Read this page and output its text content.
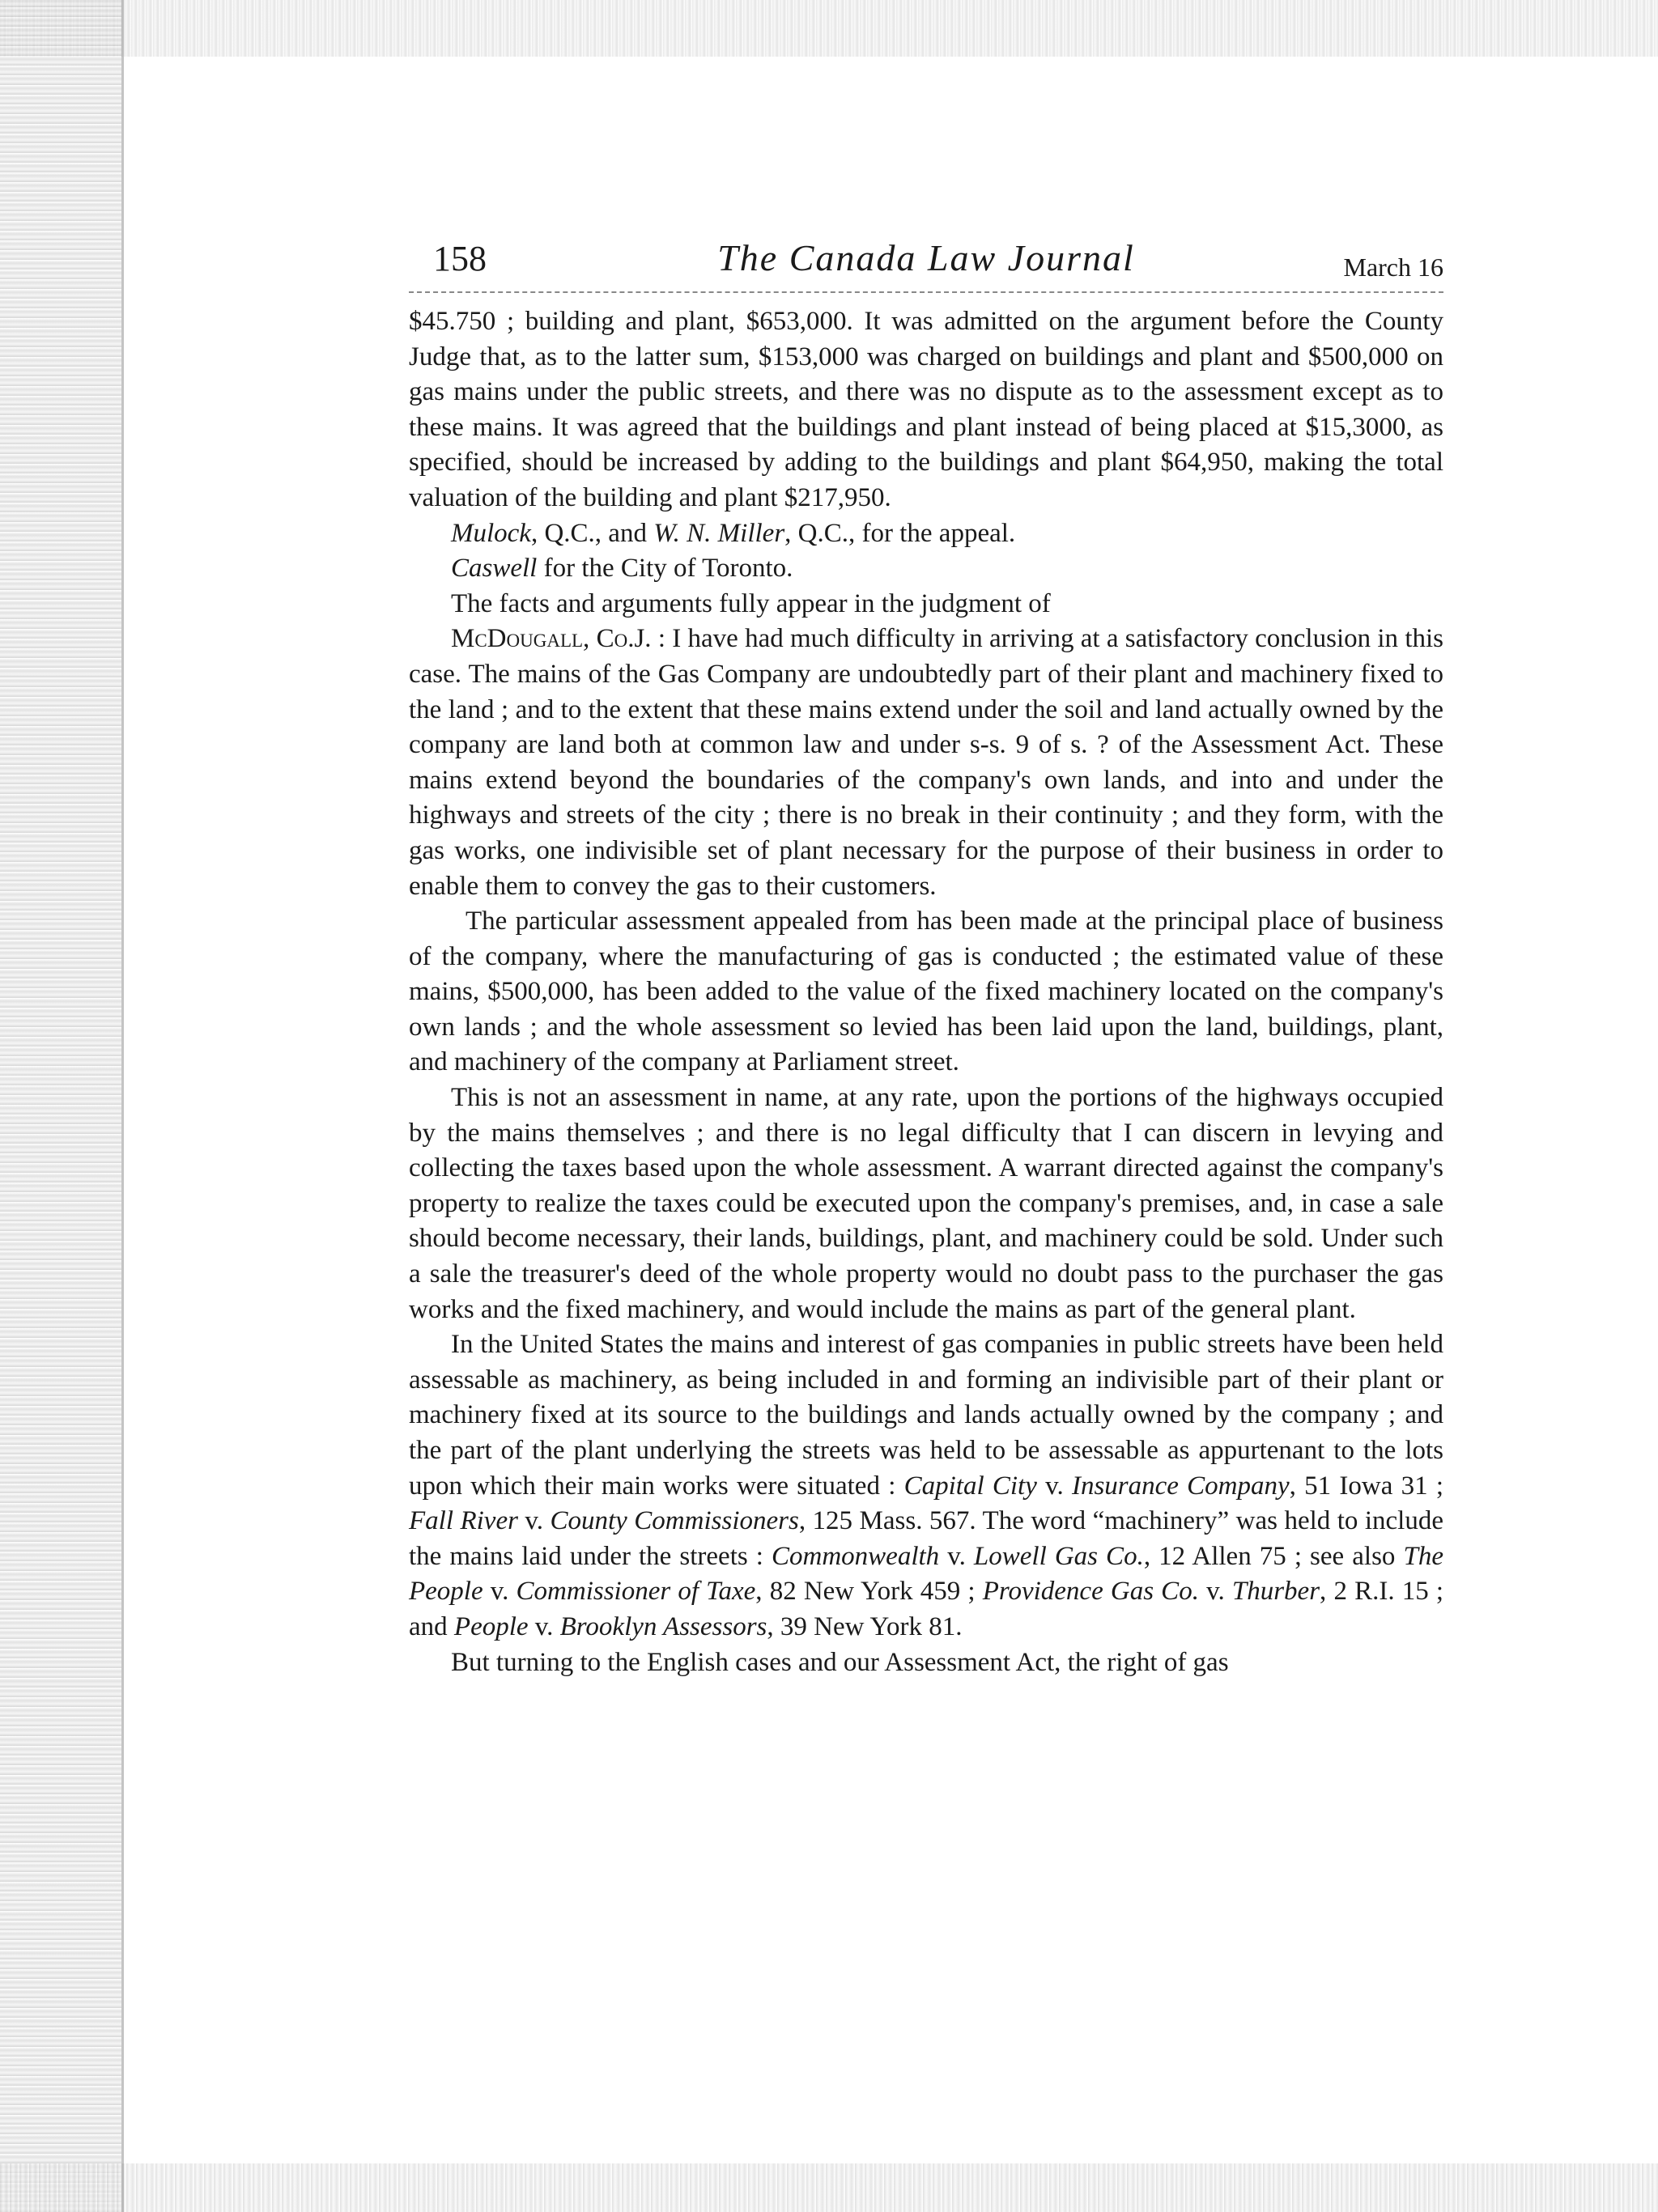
158	The Canada Law Journal	March 16

$45.750 ; building and plant, $653,000. It was admitted on the argument before the County Judge that, as to the latter sum, $153,000 was charged on buildings and plant and $500,000 on gas mains under the public streets, and there was no dispute as to the assessment except as to these mains. It was agreed that the buildings and plant instead of being placed at $15,3000, as specified, should be increased by adding to the buildings and plant $64,950, making the total valuation of the building and plant $217,950.

Mulock, Q.C., and W. N. Miller, Q.C., for the appeal.

Caswell for the City of Toronto.

The facts and arguments fully appear in the judgment of

McDougall, Co.J. : I have had much difficulty in arriving at a satisfactory conclusion in this case. The mains of the Gas Company are undoubtedly part of their plant and machinery fixed to the land ; and to the extent that these mains extend under the soil and land actually owned by the company are land both at common law and under s-s. 9 of s. ? of the Assessment Act. These mains extend beyond the boundaries of the company's own lands, and into and under the highways and streets of the city ; there is no break in their continuity ; and they form, with the gas works, one indivisible set of plant necessary for the purpose of their business in order to enable them to convey the gas to their customers.

The particular assessment appealed from has been made at the principal place of business of the company, where the manufacturing of gas is conducted ; the estimated value of these mains, $500,000, has been added to the value of the fixed machinery located on the company's own lands ; and the whole assessment so levied has been laid upon the land, buildings, plant, and machinery of the company at Parliament street.

This is not an assessment in name, at any rate, upon the portions of the highways occupied by the mains themselves ; and there is no legal difficulty that I can discern in levying and collecting the taxes based upon the whole assessment. A warrant directed against the company's property to realize the taxes could be executed upon the company's premises, and, in case a sale should become necessary, their lands, buildings, plant, and machinery could be sold. Under such a sale the treasurer's deed of the whole property would no doubt pass to the purchaser the gas works and the fixed machinery, and would include the mains as part of the general plant.

In the United States the mains and interest of gas companies in public streets have been held assessable as machinery, as being included in and forming an indivisible part of their plant or machinery fixed at its source to the buildings and lands actually owned by the company ; and the part of the plant underlying the streets was held to be assessable as appurtenant to the lots upon which their main works were situated : Capital City v. Insurance Company, 51 Iowa 31 ; Fall River v. County Commissioners, 125 Mass. 567. The word “machinery” was held to include the mains laid under the streets : Commonwealth v. Lowell Gas Co., 12 Allen 75 ; see also The People v. Commissioner of Taxe, 82 New York 459 ; Providence Gas Co. v. Thurber, 2 R.I. 15 ; and People v. Brooklyn Assessors, 39 New York 81.

But turning to the English cases and our Assessment Act, the right of gas
